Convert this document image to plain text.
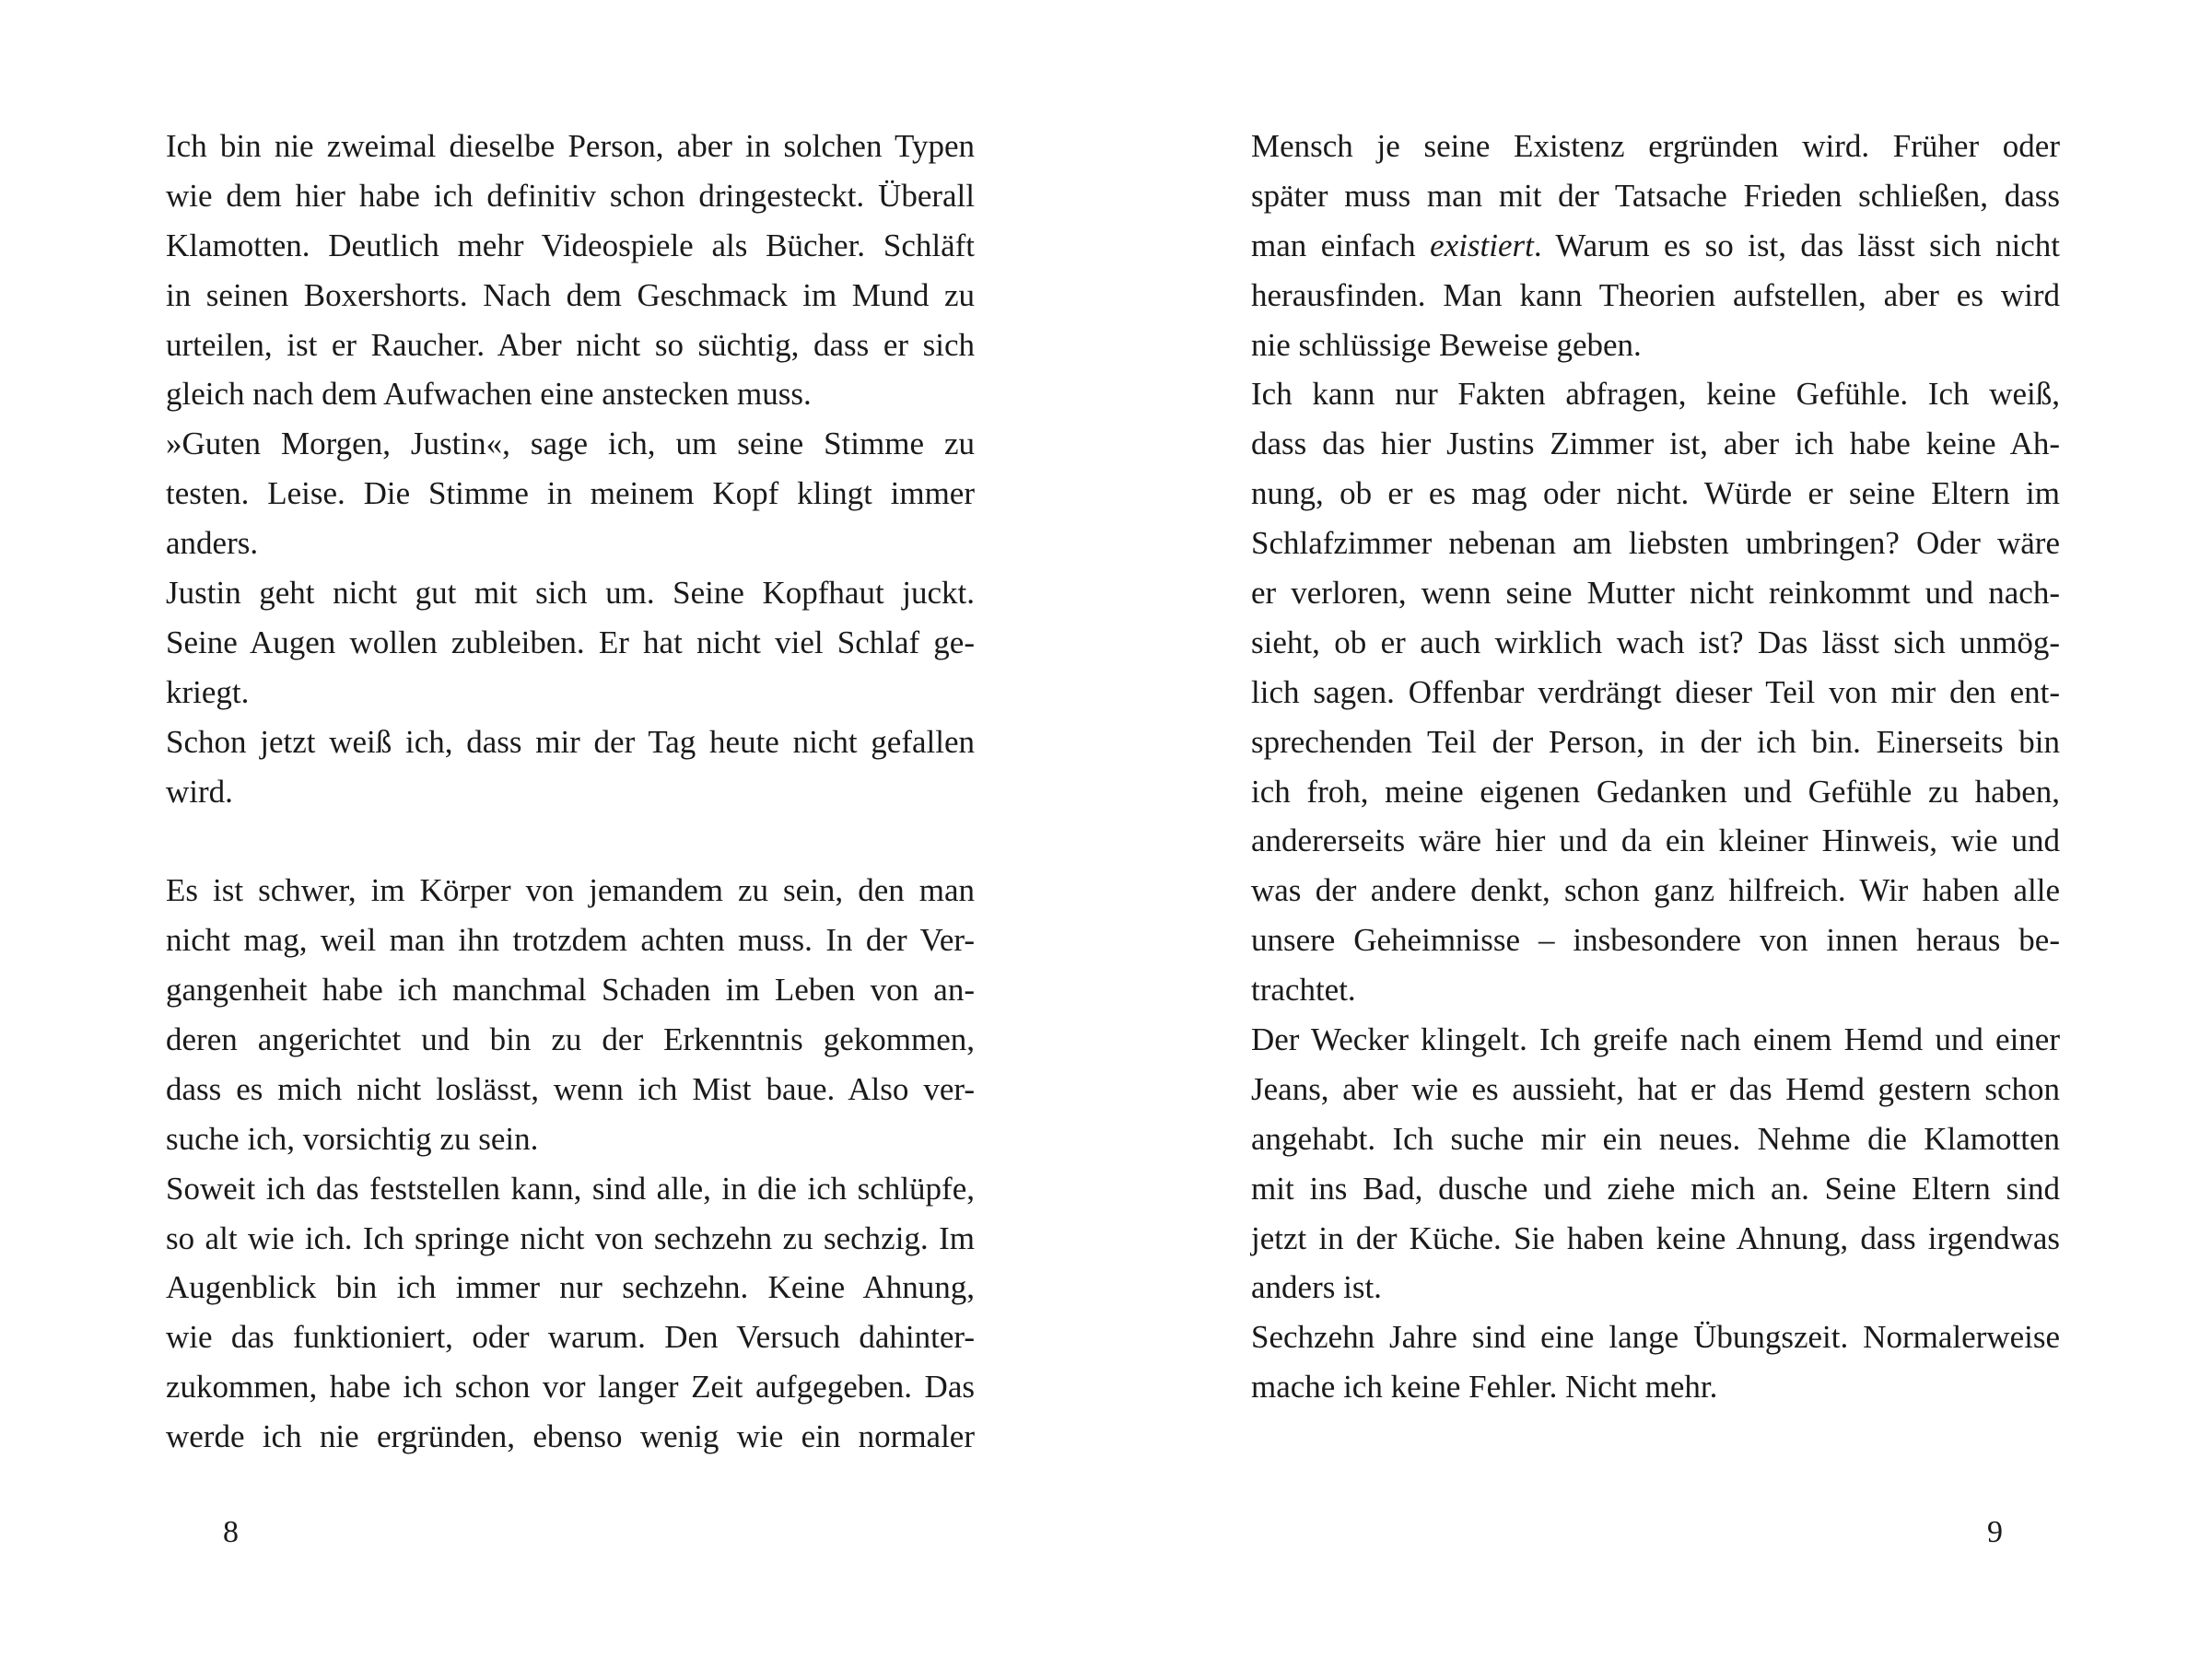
Ich bin nie zweimal dieselbe Person, aber in solchen Typen
wie dem hier habe ich definitiv schon dringesteckt. Überall
Klamotten. Deutlich mehr Videospiele als Bücher. Schläft
in seinen Boxershorts. Nach dem Geschmack im Mund zu
urteilen, ist er Raucher. Aber nicht so süchtig, dass er sich
gleich nach dem Aufwachen eine anstecken muss.
»Guten Morgen, Justin«, sage ich, um seine Stimme zu
testen. Leise. Die Stimme in meinem Kopf klingt immer
anders.
Justin geht nicht gut mit sich um. Seine Kopfhaut juckt.
Seine Augen wollen zubleiben. Er hat nicht viel Schlaf ge-
kriegt.
Schon jetzt weiß ich, dass mir der Tag heute nicht gefallen
wird.
Es ist schwer, im Körper von jemandem zu sein, den man
nicht mag, weil man ihn trotzdem achten muss. In der Ver-
gangenheit habe ich manchmal Schaden im Leben von an-
deren angerichtet und bin zu der Erkenntnis gekommen,
dass es mich nicht loslässt, wenn ich Mist baue. Also ver-
suche ich, vorsichtig zu sein.
Soweit ich das feststellen kann, sind alle, in die ich schlüpfe,
so alt wie ich. Ich springe nicht von sechzehn zu sechzig. Im
Augenblick bin ich immer nur sechzehn. Keine Ahnung,
wie das funktioniert, oder warum. Den Versuch dahinter-
zukommen, habe ich schon vor langer Zeit aufgegeben. Das
werde ich nie ergründen, ebenso wenig wie ein normaler
8
Mensch je seine Existenz ergründen wird. Früher oder
später muss man mit der Tatsache Frieden schließen, dass
man einfach existiert. Warum es so ist, das lässt sich nicht
herausfinden. Man kann Theorien aufstellen, aber es wird
nie schlüssige Beweise geben.
Ich kann nur Fakten abfragen, keine Gefühle. Ich weiß,
dass das hier Justins Zimmer ist, aber ich habe keine Ah-
nung, ob er es mag oder nicht. Würde er seine Eltern im
Schlafzimmer nebenan am liebsten umbringen? Oder wäre
er verloren, wenn seine Mutter nicht reinkommt und nach-
sieht, ob er auch wirklich wach ist? Das lässt sich unmög-
lich sagen. Offenbar verdrängt dieser Teil von mir den ent-
sprechenden Teil der Person, in der ich bin. Einerseits bin
ich froh, meine eigenen Gedanken und Gefühle zu haben,
andererseits wäre hier und da ein kleiner Hinweis, wie und
was der andere denkt, schon ganz hilfreich. Wir haben alle
unsere Geheimnisse – insbesondere von innen heraus be-
trachtet.
Der Wecker klingelt. Ich greife nach einem Hemd und einer
Jeans, aber wie es aussieht, hat er das Hemd gestern schon
angehabt. Ich suche mir ein neues. Nehme die Klamotten
mit ins Bad, dusche und ziehe mich an. Seine Eltern sind
jetzt in der Küche. Sie haben keine Ahnung, dass irgendwas
anders ist.
Sechzehn Jahre sind eine lange Übungszeit. Normalerweise
mache ich keine Fehler. Nicht mehr.
9
